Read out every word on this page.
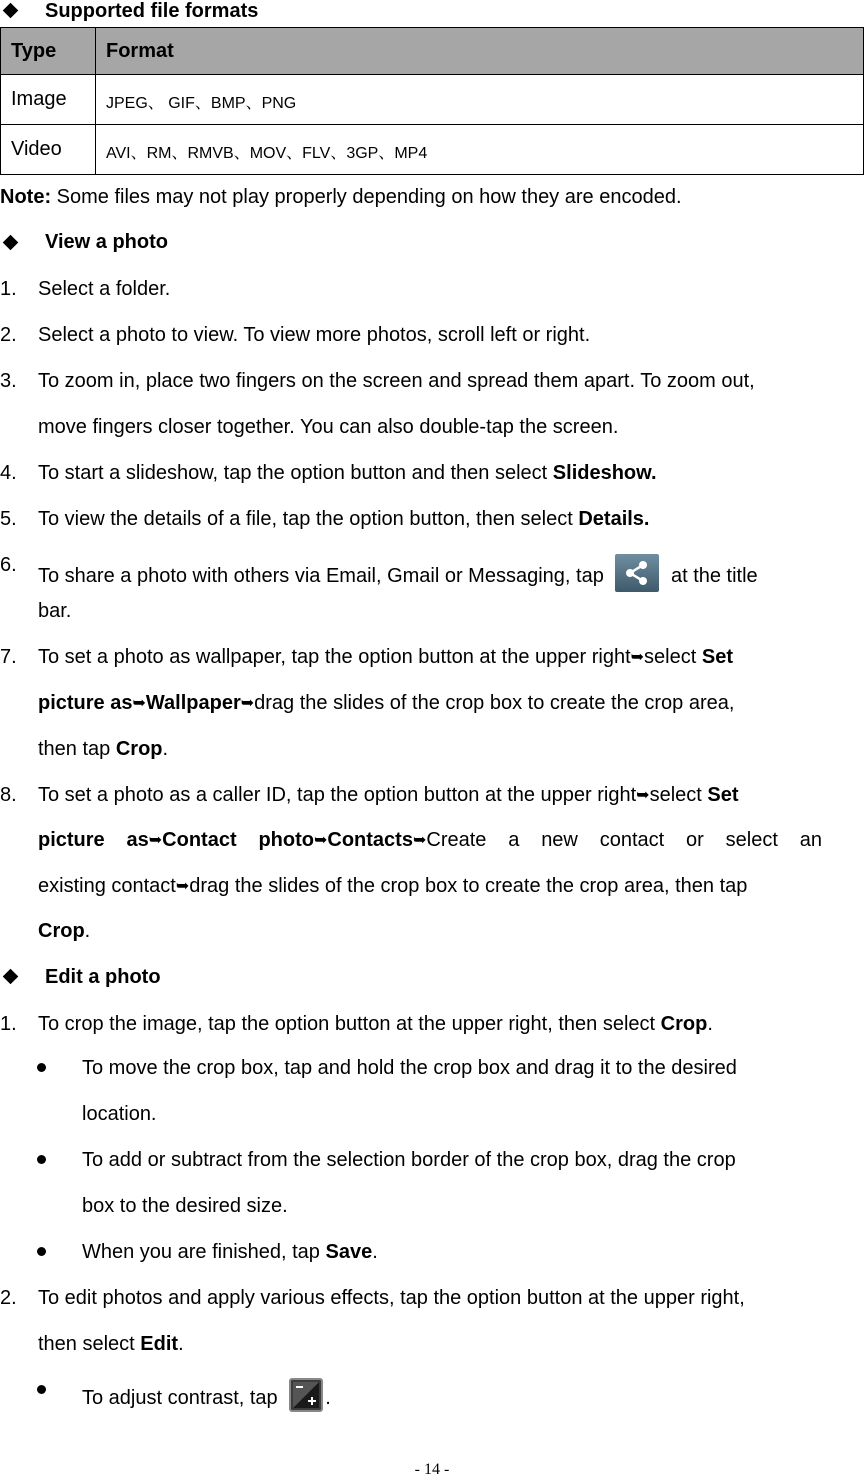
Supported file formats
Type	Format
Image	JPEG、 GIF、BMP、PNG
Video	AVI、RM、RMVB、MOV、FLV、3GP、MP4
Note: Some files may not play properly depending on how they are encoded.
View a photo
1. Select a folder.
2. Select a photo to view. To view more photos, scroll left or right.
3. To zoom in, place two fingers on the screen and spread them apart. To zoom out,
move fingers closer together. You can also double-tap the screen.
4. To start a slideshow, tap the option button and then select Slideshow.
5. To view the details of a file, tap the option button, then select Details.
6. To share a photo with others via Email, Gmail or Messaging, tap	at the title
bar.
7. To set a photo as wallpaper, tap the option button at the upper right➥select Set
picture as➥Wallpaper➥drag the slides of the crop box to create the crop area,
then tap Crop.
8. To set a photo as a caller ID, tap the option button at the upper right➥select Set
picture as➥Contact photo➥Contacts➥Create a new contact or select an
existing contact➥drag the slides of the crop box to create the crop area, then tap
Crop.
Edit a photo
1. To crop the image, tap the option button at the upper right, then select Crop.
To move the crop box, tap and hold the crop box and drag it to the desired
location.
To add or subtract from the selection border of the crop box, drag the crop
box to the desired size.
When you are finished, tap Save.
2. To edit photos and apply various effects, tap the option button at the upper right,
then select Edit.
To adjust contrast, tap .
- 14 -
